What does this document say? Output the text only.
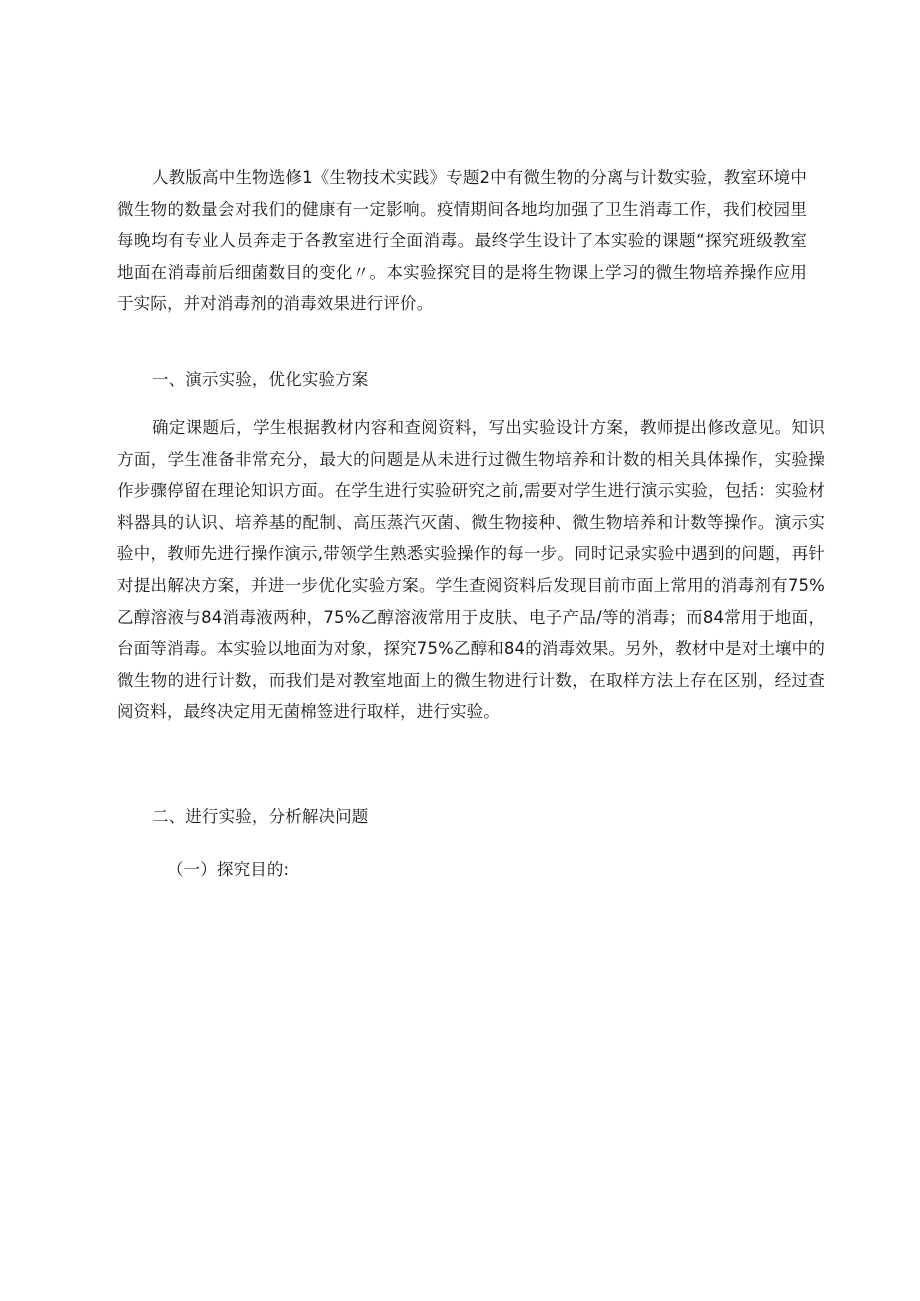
人教版高中生物选修1《生物技术实践》专题2中有微生物的分离与计数实验，教室环境中微生物的数量会对我们的健康有一定影响。疫情期间各地均加强了卫生消毒工作，我们校园里每晚均有专业人员奔走于各教室进行全面消毒。最终学生设计了本实验的课题“探究班级教室地面在消毒前后细菌数目的变化〃。本实验探究目的是将生物课上学习的微生物培养操作应用于实际，并对消毒剂的消毒效果进行评价。

一、演示实验，优化实验方案

确定课题后，学生根据教材内容和查阅资料，写出实验设计方案，教师提出修改意见。知识方面，学生准备非常充分，最大的问题是从未进行过微生物培养和计数的相关具体操作，实验操作步骤停留在理论知识方面。在学生进行实验研究之前,需要对学生进行演示实验，包括：实验材料器具的认识、培养基的配制、高压蒸汽灭菌、微生物接种、微生物培养和计数等操作。演示实验中，教师先进行操作演示,带领学生熟悉实验操作的每一步。同时记录实验中遇到的问题，再针对提出解决方案，并进一步优化实验方案。学生查阅资料后发现目前市面上常用的消毒剂有75%乙醇溶液与84消毒液两种，75%乙醇溶液常用于皮肤、电子产品/等的消毒；而84常用于地面，台面等消毒。本实验以地面为对象，探究75%乙醇和84的消毒效果。另外，教材中是对土壤中的微生物的进行计数，而我们是对教室地面上的微生物进行计数，在取样方法上存在区别，经过查阅资料，最终决定用无菌棉签进行取样，进行实验。

二、进行实验，分析解决问题

（一）探究目的:
